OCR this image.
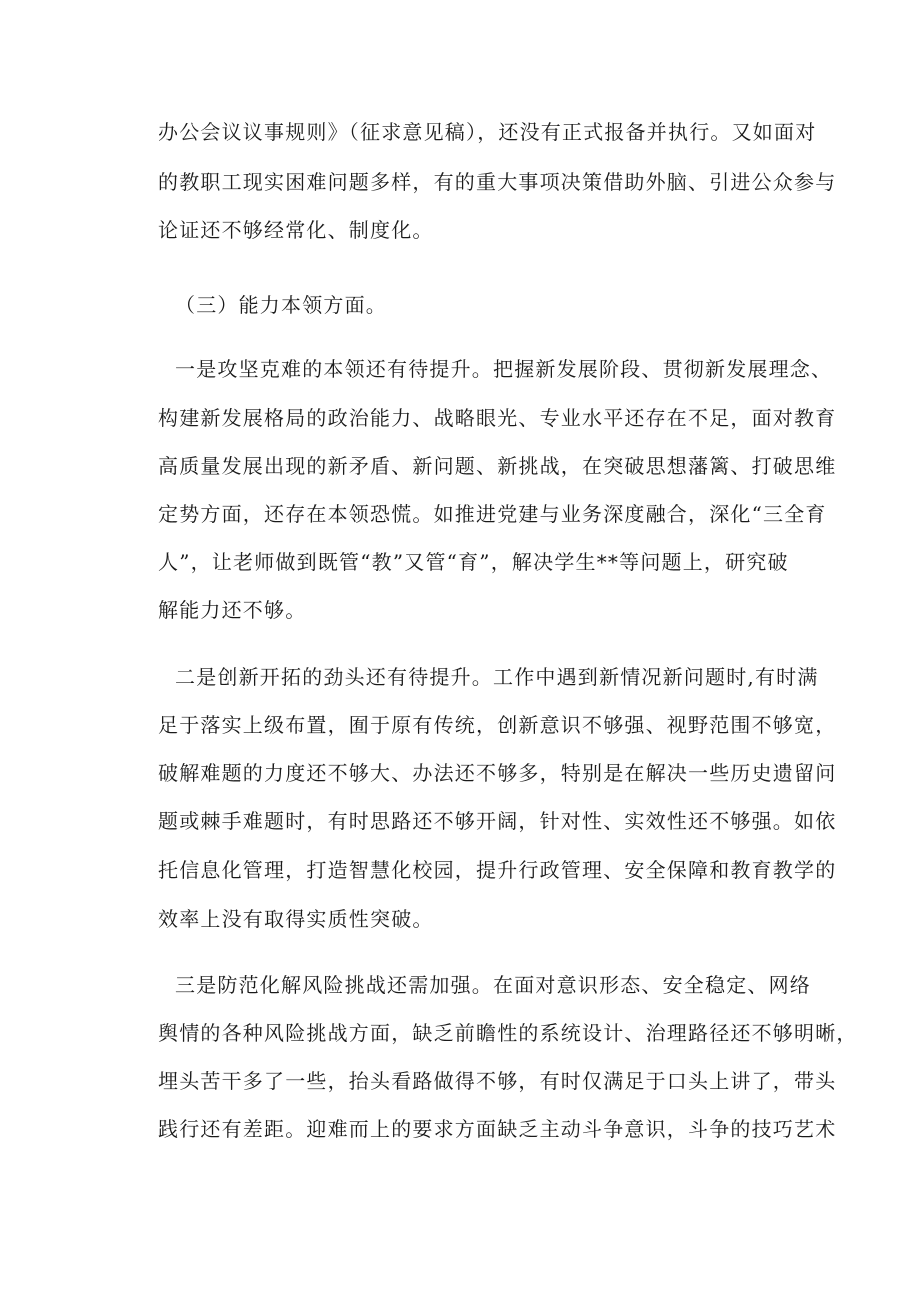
办公会议议事规则》（征求意见稿），还没有正式报备并执行。又如面对
的教职工现实困难问题多样，有的重大事项决策借助外脑、引进公众参与
论证还不够经常化、制度化。
（三）能力本领方面。
一是攻坚克难的本领还有待提升。把握新发展阶段、贯彻新发展理念、
构建新发展格局的政治能力、战略眼光、专业水平还存在不足，面对教育
高质量发展出现的新矛盾、新问题、新挑战，在突破思想藩篱、打破思维
定势方面，还存在本领恐慌。如推进党建与业务深度融合，深化“三全育
人”，让老师做到既管“教”又管“育”，解决学生**等问题上，研究破
解能力还不够。
二是创新开拓的劲头还有待提升。工作中遇到新情况新问题时,有时满
足于落实上级布置，囿于原有传统，创新意识不够强、视野范围不够宽，
破解难题的力度还不够大、办法还不够多，特别是在解决一些历史遗留问
题或棘手难题时，有时思路还不够开阔，针对性、实效性还不够强。如依
托信息化管理，打造智慧化校园，提升行政管理、安全保障和教育教学的
效率上没有取得实质性突破。
三是防范化解风险挑战还需加强。在面对意识形态、安全稳定、网络
舆情的各种风险挑战方面，缺乏前瞻性的系统设计、治理路径还不够明晰，
埋头苦干多了一些，抬头看路做得不够，有时仅满足于口头上讲了，带头
践行还有差距。迎难而上的要求方面缺乏主动斗争意识，斗争的技巧艺术
